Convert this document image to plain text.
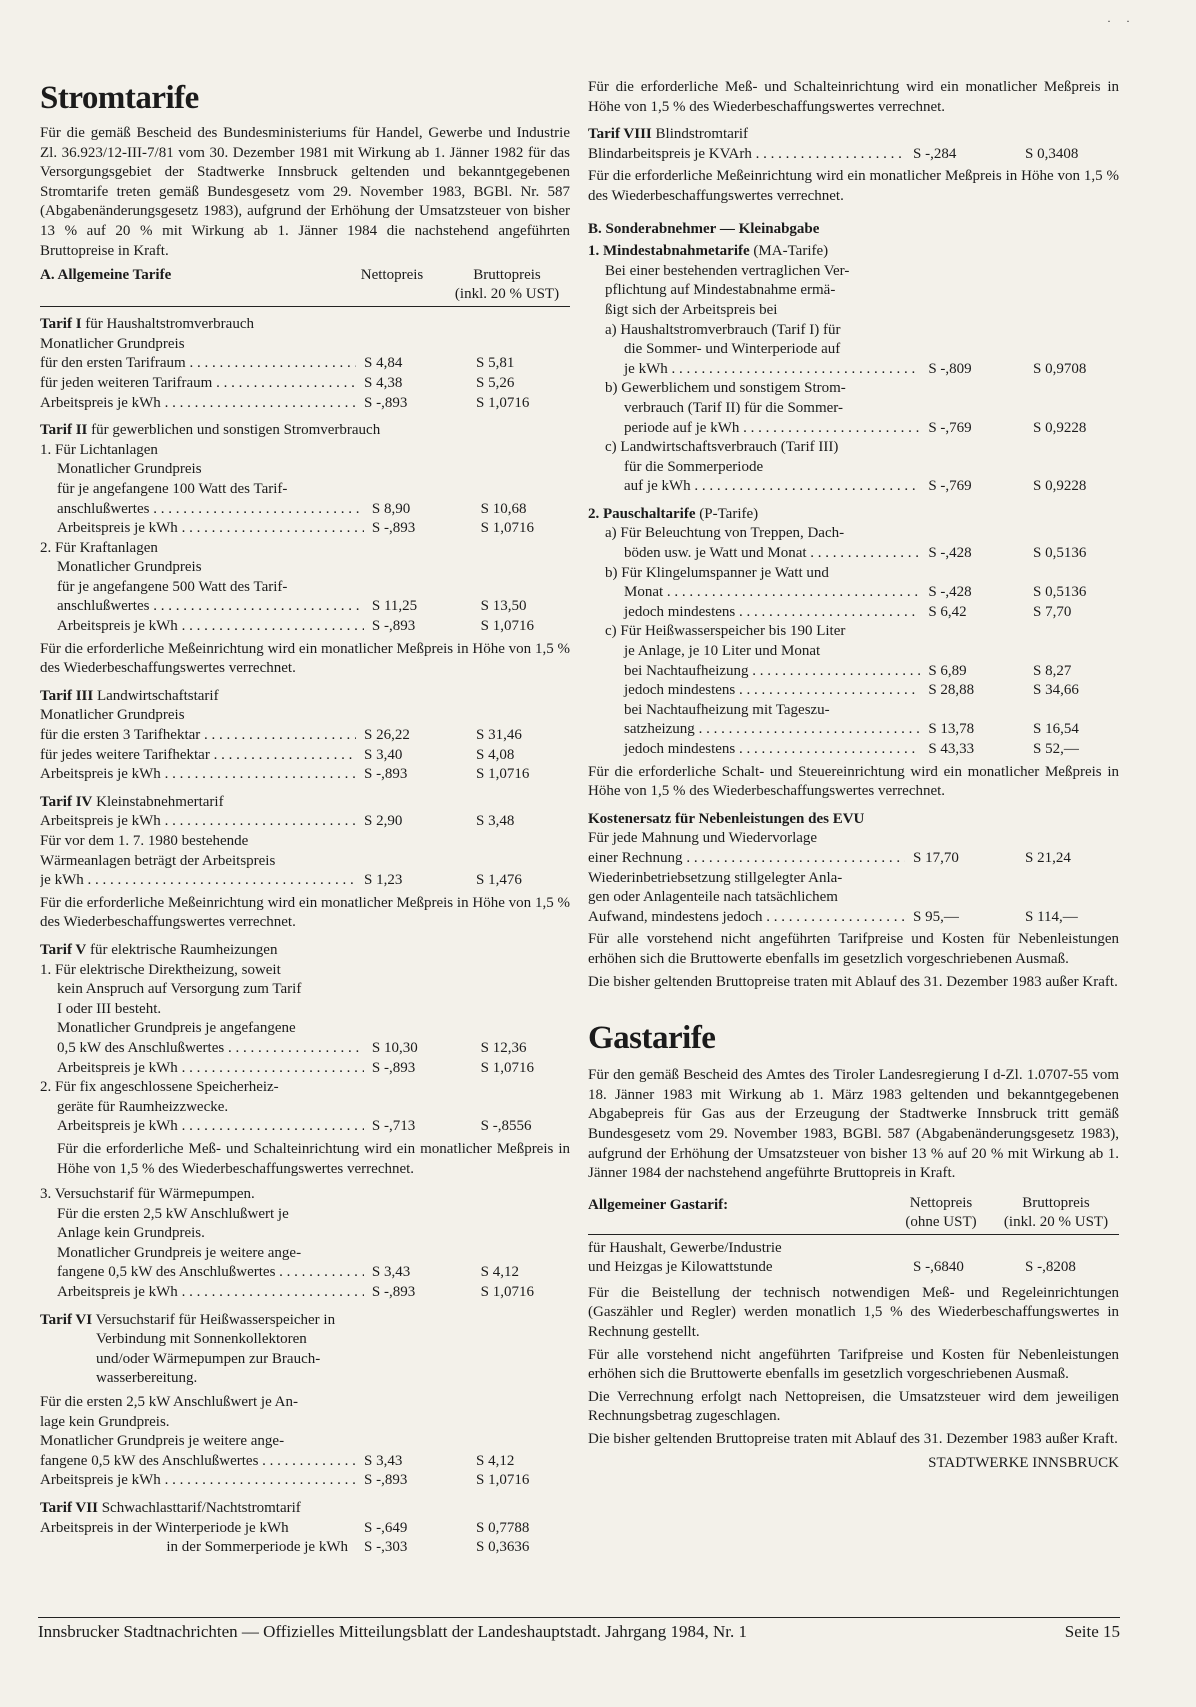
· ·
Stromtarife

Für die gemäß Bescheid des Bundesministeriums für Handel, Gewerbe und Industrie Zl. 36.923/12-III-7/81 vom 30. Dezember 1981 mit Wirkung ab 1. Jänner 1982 für das Versorgungsgebiet der Stadtwerke Innsbruck geltenden und bekanntgegebenen Stromtarife treten gemäß Bundesgesetz vom 29. November 1983, BGBl. Nr. 587 (Abgabenänderungsgesetz 1983), aufgrund der Erhöhung der Umsatzsteuer von bisher 13 % auf 20 % mit Wirkung ab 1. Jänner 1984 die nachstehend angeführten Bruttopreise in Kraft.

A. Allgemeine Tarife	Nettopreis	Bruttopreis
(inkl. 20 % UST)
Tarif I für Haushaltstromverbrauch
Monatlicher Grundpreis
für den ersten Tarifraum . . .	S 4,84	S 5,81
für jeden weiteren Tarifraum . . .	S 4,38	S 5,26
Arbeitspreis je kWh . . .	S -,893	S 1,0716
Tarif II für gewerblichen und sonstigen Stromverbrauch
1. Für Lichtanlagen
Monatlicher Grundpreis
für je angefangene 100 Watt des Tarif-
anschlußwertes . . .	S 8,90	S 10,68
Arbeitspreis je kWh . . .	S -,893	S 1,0716
2. Für Kraftanlagen
Monatlicher Grundpreis
für je angefangene 500 Watt des Tarif-
anschlußwertes . . .	S 11,25	S 13,50
Arbeitspreis je kWh . . .	S -,893	S 1,0716

Für die erforderliche Meßeinrichtung wird ein monatlicher Meßpreis in Höhe von 1,5 % des Wiederbeschaffungswertes verrechnet.

Tarif III Landwirtschaftstarif
Monatlicher Grundpreis
für die ersten 3 Tarifhektar . . .	S 26,22	S 31,46
für jedes weitere Tarifhektar . . .	S 3,40	S 4,08
Arbeitspreis je kWh . . .	S -,893	S 1,0716
Tarif IV Kleinstabnehmertarif
Arbeitspreis je kWh . . .	S 2,90	S 3,48
Für vor dem 1. 7. 1980 bestehende
Wärmeanlagen beträgt der Arbeitspreis
je kWh . . .	S 1,23	S 1,476

Für die erforderliche Meßeinrichtung wird ein monatlicher Meßpreis in Höhe von 1,5 % des Wiederbeschaffungswertes verrechnet.

Tarif V für elektrische Raumheizungen
1. Für elektrische Direktheizung, soweit
kein Anspruch auf Versorgung zum Tarif
I oder III besteht.
Monatlicher Grundpreis je angefangene
0,5 kW des Anschlußwertes . . .	S 10,30	S 12,36
Arbeitspreis je kWh . . .	S -,893	S 1,0716
2. Für fix angeschlossene Speicherheiz-
geräte für Raumheizzwecke.
Arbeitspreis je kWh . . .	S -,713	S -,8556

Für die erforderliche Meß- und Schalteinrichtung wird ein monatlicher Meßpreis in Höhe von 1,5 % des Wiederbeschaffungswertes verrechnet.

3. Versuchstarif für Wärmepumpen.
Für die ersten 2,5 kW Anschlußwert je
Anlage kein Grundpreis.
Monatlicher Grundpreis je weitere ange-
fangene 0,5 kW des Anschlußwertes . . .	S 3,43	S 4,12
Arbeitspreis je kWh . . .	S -,893	S 1,0716
Tarif VI Versuchstarif für Heißwasserspeicher in
Verbindung mit Sonnenkollektoren
und/oder Wärmepumpen zur Brauch-
wasserbereitung.
Für die ersten 2,5 kW Anschlußwert je An-
lage kein Grundpreis.
Monatlicher Grundpreis je weitere ange-
fangene 0,5 kW des Anschlußwertes . . .	S 3,43	S 4,12
Arbeitspreis je kWh . . .	S -,893	S 1,0716
Tarif VII Schwachlasttarif/Nachtstromtarif
Arbeitspreis in der Winterperiode je kWh	S -,649	S 0,7788
in der Sommerperiode je kWh	S -,303	S 0,3636

Für die erforderliche Meß- und Schalteinrichtung wird ein monatlicher Meßpreis in Höhe von 1,5 % des Wiederbeschaffungswertes verrechnet.

Tarif VIII Blindstromtarif
Blindarbeitspreis je KVArh . . .	S -,284	S 0,3408

Für die erforderliche Meßeinrichtung wird ein monatlicher Meßpreis in Höhe von 1,5 % des Wiederbeschaffungswertes verrechnet.

B. Sonderabnehmer — Kleinabgabe
1. Mindestabnahmetarife (MA-Tarife)
Bei einer bestehenden vertraglichen Ver-
pflichtung auf Mindestabnahme ermä-
ßigt sich der Arbeitspreis bei
a) Haushaltstromverbrauch (Tarif I) für
die Sommer- und Winterperiode auf
je kWh . . .	S -,809	S 0,9708
b) Gewerblichem und sonstigem Strom-
verbrauch (Tarif II) für die Sommer-
periode auf je kWh . . .	S -,769	S 0,9228
c) Landwirtschaftsverbrauch (Tarif III)
für die Sommerperiode
auf je kWh . . .	S -,769	S 0,9228
2. Pauschaltarife (P-Tarife)
a) Für Beleuchtung von Treppen, Dach-
böden usw. je Watt und Monat . . .	S -,428	S 0,5136
b) Für Klingelumspanner je Watt und
Monat . . .	S -,428	S 0,5136
jedoch mindestens . . .	S 6,42	S 7,70
c) Für Heißwasserspeicher bis 190 Liter
je Anlage, je 10 Liter und Monat
bei Nachtaufheizung . . .	S 6,89	S 8,27
jedoch mindestens . . .	S 28,88	S 34,66
bei Nachtaufheizung mit Tageszu-
satzheizung . . .	S 13,78	S 16,54
jedoch mindestens . . .	S 43,33	S 52,—

Für die erforderliche Schalt- und Steuereinrichtung wird ein monatlicher Meßpreis in Höhe von 1,5 % des Wiederbeschaffungswertes verrechnet.

Kostenersatz für Nebenleistungen des EVU
Für jede Mahnung und Wiedervorlage
einer Rechnung . . .	S 17,70	S 21,24
Wiederinbetriebsetzung stillgelegter Anla-
gen oder Anlagenteile nach tatsächlichem
Aufwand, mindestens jedoch . . .	S 95,—	S 114,—

Für alle vorstehend nicht angeführten Tarifpreise und Kosten für Nebenleistungen erhöhen sich die Bruttowerte ebenfalls im gesetzlich vorgeschriebenen Ausmaß.

Die bisher geltenden Bruttopreise traten mit Ablauf des 31. Dezember 1983 außer Kraft.

Gastarife

Für den gemäß Bescheid des Amtes des Tiroler Landesregierung I d-Zl. 1.0707-55 vom 18. Jänner 1983 mit Wirkung ab 1. März 1983 geltenden und bekanntgegebenen Abgabepreis für Gas aus der Erzeugung der Stadtwerke Innsbruck tritt gemäß Bundesgesetz vom 29. November 1983, BGBl. 587 (Abgabenänderungsgesetz 1983), aufgrund der Erhöhung der Umsatzsteuer von bisher 13 % auf 20 % mit Wirkung ab 1. Jänner 1984 der nachstehend angeführte Bruttopreis in Kraft.

Allgemeiner Gastarif:	Nettopreis
(ohne UST)
Bruttopreis
(inkl. 20 % UST)
für Haushalt, Gewerbe/Industrie
und Heizgas je Kilowattstunde	S -,6840	S -,8208

Für die Beistellung der technisch notwendigen Meß- und Regeleinrichtungen (Gaszähler und Regler) werden monatlich 1,5 % des Wiederbeschaffungswertes in Rechnung gestellt.

Für alle vorstehend nicht angeführten Tarifpreise und Kosten für Nebenleistungen erhöhen sich die Bruttowerte ebenfalls im gesetzlich vorgeschriebenen Ausmaß.

Die Verrechnung erfolgt nach Nettopreisen, die Umsatzsteuer wird dem jeweiligen Rechnungsbetrag zugeschlagen.

Die bisher geltenden Bruttopreise traten mit Ablauf des 31. Dezember 1983 außer Kraft.

STADTWERKE INNSBRUCK
Innsbrucker Stadtnachrichten — Offizielles Mitteilungsblatt der Landeshauptstadt. Jahrgang 1984, Nr. 1	Seite 15
